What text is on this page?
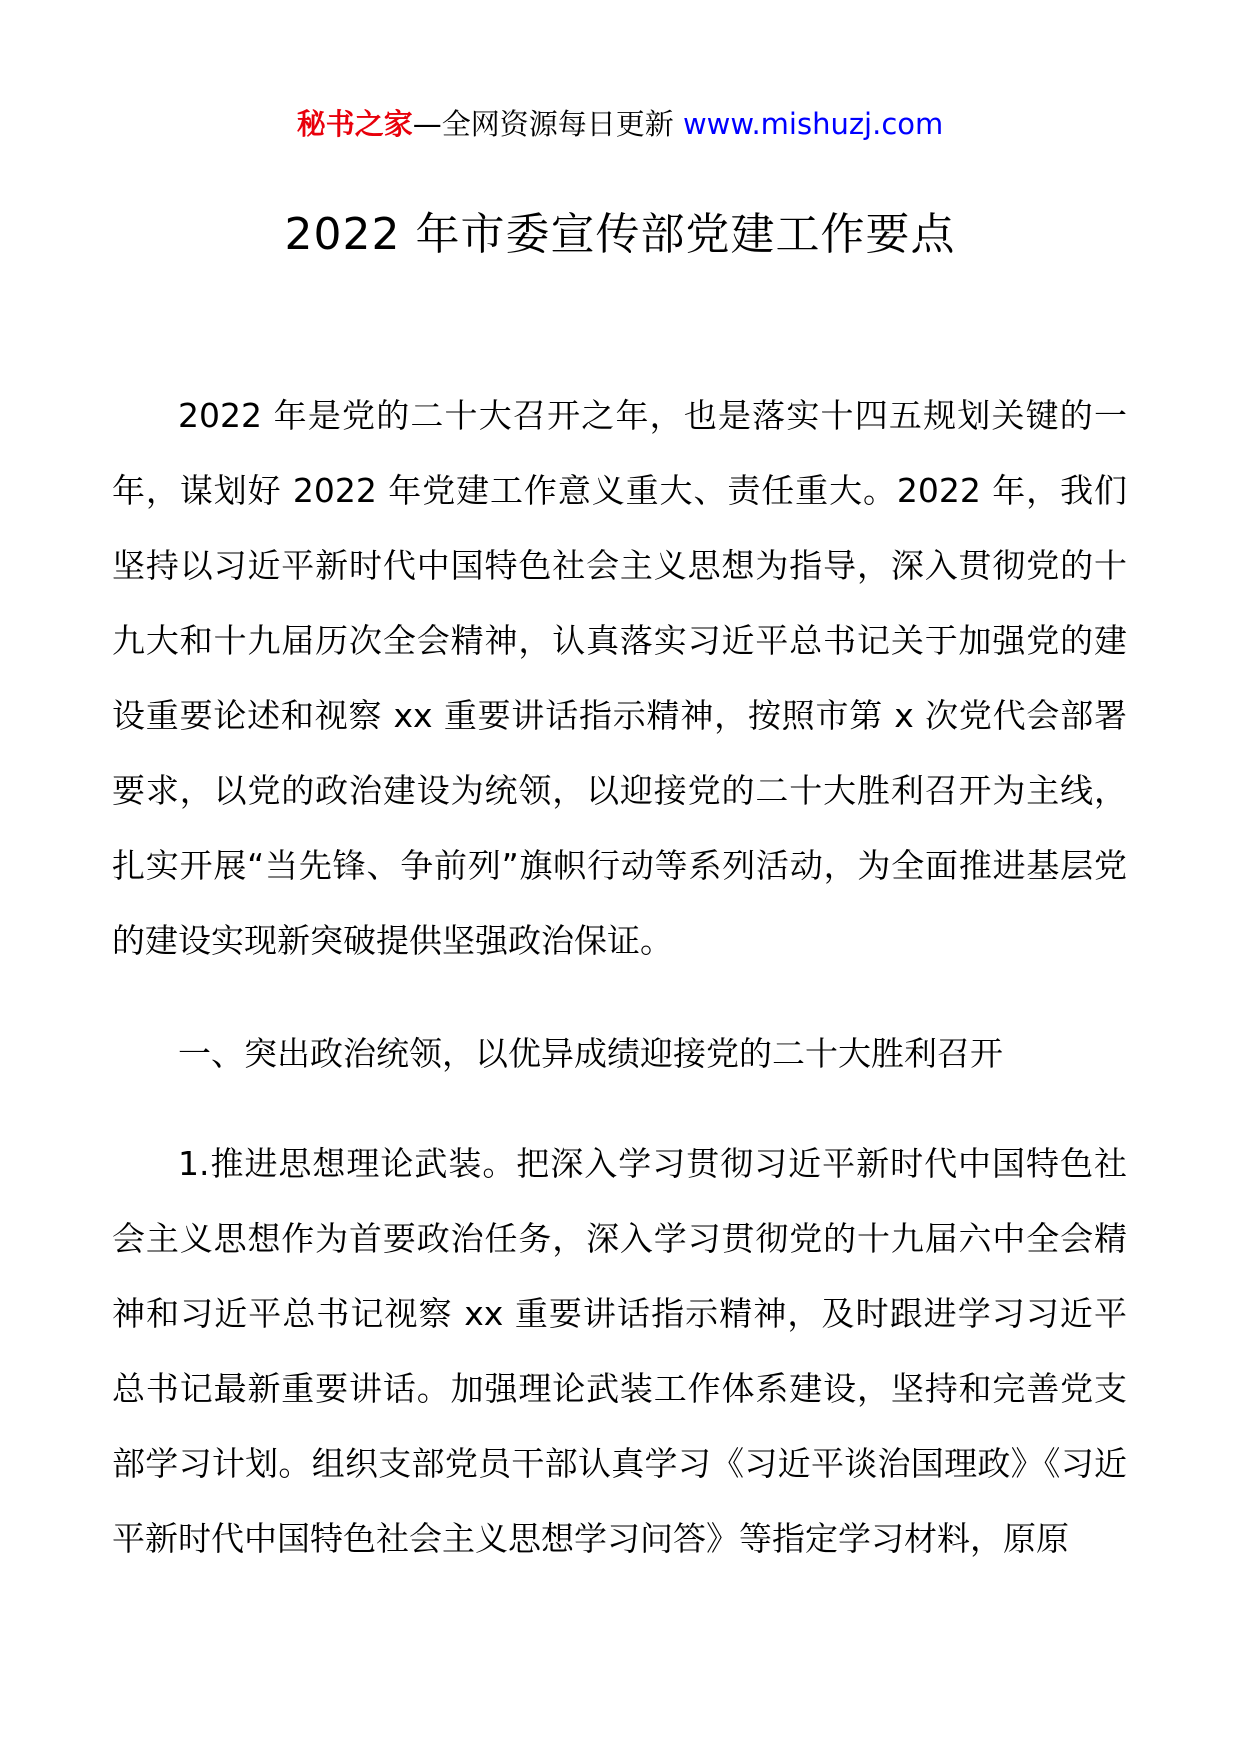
秘书之家—全网资源每日更新 www.mishuzj.com
2022 年市委宣传部党建工作要点

2022 年是党的二十大召开之年，也是落实十四五规划关键的一年，谋划好 2022 年党建工作意义重大、责任重大。2022 年，我们坚持以习近平新时代中国特色社会主义思想为指导，深入贯彻党的十九大和十九届历次全会精神，认真落实习近平总书记关于加强党的建设重要论述和视察 xx 重要讲话指示精神，按照市第 x 次党代会部署要求，以党的政治建设为统领，以迎接党的二十大胜利召开为主线，扎实开展“当先锋、争前列”旗帜行动等系列活动，为全面推进基层党的建设实现新突破提供坚强政治保证。

一、突出政治统领，以优异成绩迎接党的二十大胜利召开

1.推进思想理论武装。把深入学习贯彻习近平新时代中国特色社会主义思想作为首要政治任务，深入学习贯彻党的十九届六中全会精神和习近平总书记视察 xx 重要讲话指示精神，及时跟进学习习近平总书记最新重要讲话。加强理论武装工作体系建设，坚持和完善党支部学习计划。组织支部党员干部认真学习《习近平谈治国理政》《习近平新时代中国特色社会主义思想学习问答》等指定学习材料，原原
